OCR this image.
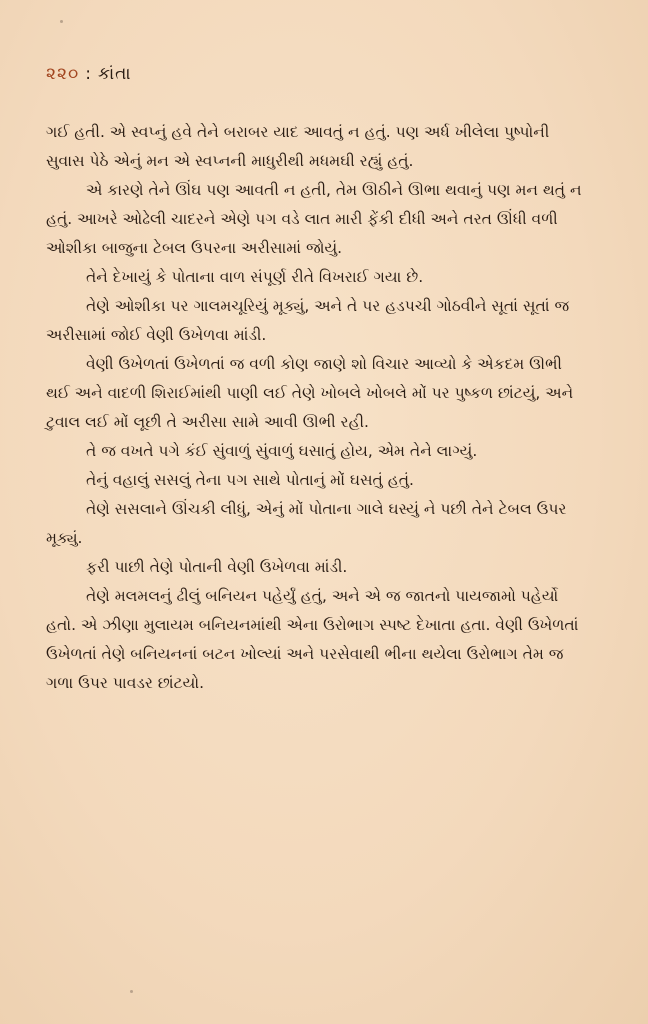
૨૨૦ : કાંતા

ગઈ હતી. એ સ્વપ્નું હવે તેને બરાબર યાદ આવતું ન હતું. પણ અર્ધ ખીલેલા પુષ્પોની સુવાસ પેઠે એનું મન એ સ્વપ્નની માધુરીથી મધમઘી રહ્યું હતું.

એ કારણે તેને ઊંઘ પણ આવતી ન હતી, તેમ ઊઠીને ઊભા થવાનું પણ મન થતું ન હતું. આખરે ઓઢેલી ચાદરને એણે પગ વડે લાત મારી ફેંકી દીધી અને તરત ઊંધી વળી ઓશીકા બાજુના ટેબલ ઉપરના અરીસામાં જોયું.

તેને દેખાયું કે પોતાના વાળ સંપૂર્ણ રીતે વિખરાઈ ગયા છે.

તેણે ઓશીકા પર ગાલમચૂરિયું મૂક્યું, અને તે પર હડપચી ગોઠવીને સૂતાં સૂતાં જ અરીસામાં જોઈ વેણી ઉખેળવા માંડી.

વેણી ઉખેળતાં ઉખેળતાં જ વળી કોણ જાણે શો વિચાર આવ્યો કે એકદમ ઊભી થઈ અને વાદળી શિરાઈમાંથી પાણી લઈ તેણે ખોબલે ખોબલે મોં પર પુષ્કળ છાંટયું, અને ટુવાલ લઈ મોં લૂછી તે અરીસા સામે આવી ઊભી રહી.

તે જ વખતે પગે કંઈ સુંવાળું સુંવાળું ઘસાતું હોય, એમ તેને લાગ્યું.

તેનું વહાલું સસલું તેના પગ સાથે પોતાનું મોં ઘસતું હતું.

તેણે સસલાને ઊંચકી લીધું, એનું મોં પોતાના ગાલે ઘસ્યું ને પછી તેને ટેબલ ઉપર મૂક્યું.

ફરી પાછી તેણે પોતાની વેણી ઉખેળવા માંડી.

તેણે મલમલનું ઢીલું બનિયન પહેર્યું હતું, અને એ જ જાતનો પાયજામો પહેર્યો હતો. એ ઝીણા મુલાયમ બનિયનમાંથી એના ઉરોભાગ સ્પષ્ટ દેખાતા હતા. વેણી ઉખેળતાં ઉખેળતાં તેણે બનિયનનાં બટન ખોલ્યાં અને પરસેવાથી ભીના થયેલા ઉરોભાગ તેમ જ ગળા ઉપર પાવડર છાંટયો.
